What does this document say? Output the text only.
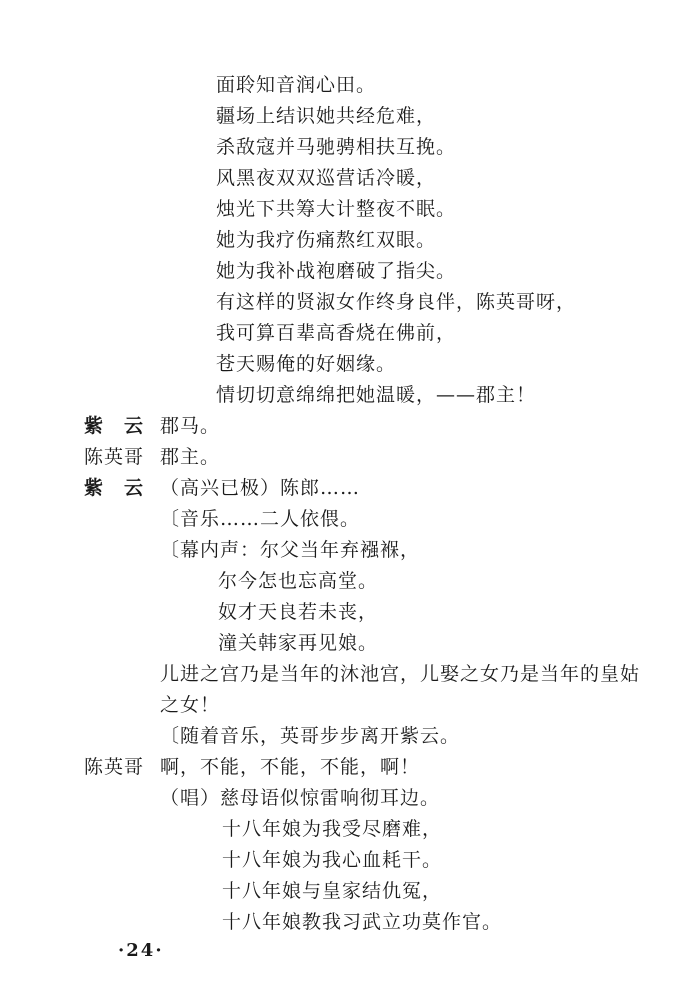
面聆知音润心田。
疆场上结识她共经危难，
杀敌寇并马驰骋相扶互挽。
风黑夜双双巡营话冷暖，
烛光下共筹大计整夜不眠。
她为我疗伤痛熬红双眼。
她为我补战袍磨破了指尖。
有这样的贤淑女作终身良伴，陈英哥呀，
我可算百辈高香烧在佛前，
苍天赐俺的好姻缘。
情切切意绵绵把她温暖，——郡主！
紫　云 郡马。
陈英哥 郡主。
紫　云 （高兴已极）陈郎……
〔音乐……二人依偎。
〔幕内声：尔父当年弃襁褓，
尔今怎也忘高堂。
奴才天良若未丧，
潼关韩家再见娘。
儿进之宫乃是当年的沐池宫，儿娶之女乃是当年的皇姑
之女！
〔随着音乐，英哥步步离开紫云。
陈英哥 啊，不能，不能，不能，啊！
（唱）慈母语似惊雷响彻耳边。
十八年娘为我受尽磨难，
十八年娘为我心血耗干。
十八年娘与皇家结仇冤，
十八年娘教我习武立功莫作官。
·24·
